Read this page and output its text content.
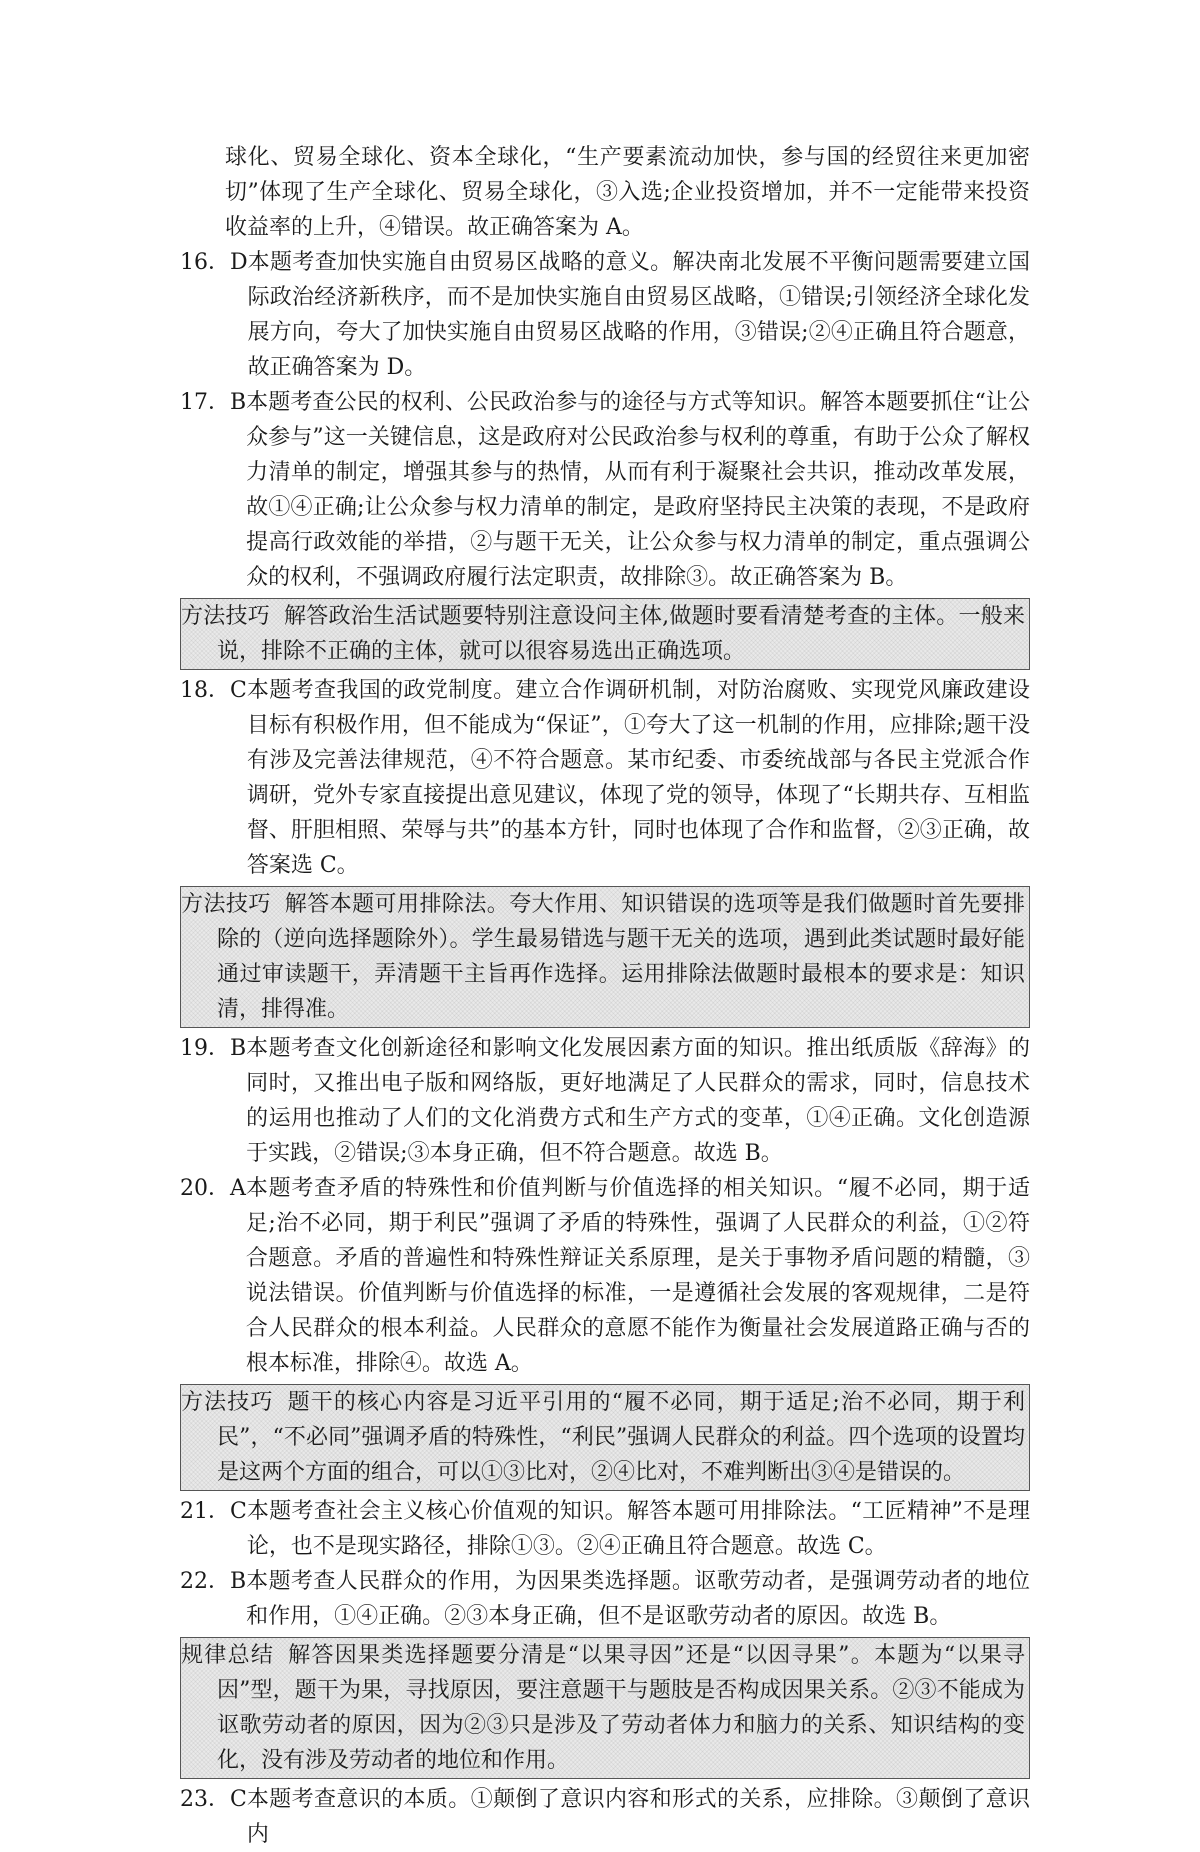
球化、贸易全球化、资本全球化，“生产要素流动加快，参与国的经贸往来更加密切”体现了生产全球化、贸易全球化，③入选;企业投资增加，并不一定能带来投资收益率的上升，④错误。故正确答案为 A。

16．D 本题考查加快实施自由贸易区战略的意义。解决南北发展不平衡问题需要建立国际政治经济新秩序，而不是加快实施自由贸易区战略，①错误;引领经济全球化发展方向，夸大了加快实施自由贸易区战略的作用，③错误;②④正确且符合题意，故正确答案为 D。
17．B 本题考查公民的权利、公民政治参与的途径与方式等知识。解答本题要抓住“让公众参与”这一关键信息，这是政府对公民政治参与权利的尊重，有助于公众了解权力清单的制定，增强其参与的热情，从而有利于凝聚社会共识，推动改革发展，故①④正确;让公众参与权力清单的制定，是政府坚持民主决策的表现，不是政府提高行政效能的举措，②与题干无关，让公众参与权力清单的制定，重点强调公众的权利，不强调政府履行法定职责，故排除③。故正确答案为 B。
方法技巧 解答政治生活试题要特别注意设问主体,做题时要看清楚考查的主体。一般来说，排除不正确的主体，就可以很容易选出正确选项。
18．C 本题考查我国的政党制度。建立合作调研机制，对防治腐败、实现党风廉政建设目标有积极作用，但不能成为“保证”，①夸大了这一机制的作用，应排除;题干没有涉及完善法律规范，④不符合题意。某市纪委、市委统战部与各民主党派合作调研，党外专家直接提出意见建议，体现了党的领导，体现了“长期共存、互相监督、肝胆相照、荣辱与共”的基本方针，同时也体现了合作和监督，②③正确，故答案选 C。
方法技巧 解答本题可用排除法。夸大作用、知识错误的选项等是我们做题时首先要排除的（逆向选择题除外）。学生最易错选与题干无关的选项，遇到此类试题时最好能通过审读题干，弄清题干主旨再作选择。运用排除法做题时最根本的要求是：知识清，排得准。
19．B 本题考查文化创新途径和影响文化发展因素方面的知识。推出纸质版《辞海》的同时，又推出电子版和网络版，更好地满足了人民群众的需求，同时，信息技术的运用也推动了人们的文化消费方式和生产方式的变革，①④正确。文化创造源于实践，②错误;③本身正确，但不符合题意。故选 B。
20．A 本题考查矛盾的特殊性和价值判断与价值选择的相关知识。“履不必同，期于适足;治不必同，期于利民”强调了矛盾的特殊性，强调了人民群众的利益，①②符合题意。矛盾的普遍性和特殊性辩证关系原理，是关于事物矛盾问题的精髓，③说法错误。价值判断与价值选择的标准，一是遵循社会发展的客观规律，二是符合人民群众的根本利益。人民群众的意愿不能作为衡量社会发展道路正确与否的根本标准，排除④。故选 A。
方法技巧 题干的核心内容是习近平引用的“履不必同，期于适足;治不必同，期于利民”，“不必同”强调矛盾的特殊性，“利民”强调人民群众的利益。四个选项的设置均是这两个方面的组合，可以①③比对，②④比对，不难判断出③④是错误的。
21．C 本题考查社会主义核心价值观的知识。解答本题可用排除法。“工匠精神”不是理论，也不是现实路径，排除①③。②④正确且符合题意。故选 C。
22．B 本题考查人民群众的作用，为因果类选择题。讴歌劳动者，是强调劳动者的地位和作用，①④正确。②③本身正确，但不是讴歌劳动者的原因。故选 B。
规律总结 解答因果类选择题要分清是“以果寻因”还是“以因寻果”。本题为“以果寻因”型，题干为果，寻找原因，要注意题干与题肢是否构成因果关系。②③不能成为讴歌劳动者的原因，因为②③只是涉及了劳动者体力和脑力的关系、知识结构的变化，没有涉及劳动者的地位和作用。
23．C 本题考查意识的本质。①颠倒了意识内容和形式的关系，应排除。③颠倒了意识内
